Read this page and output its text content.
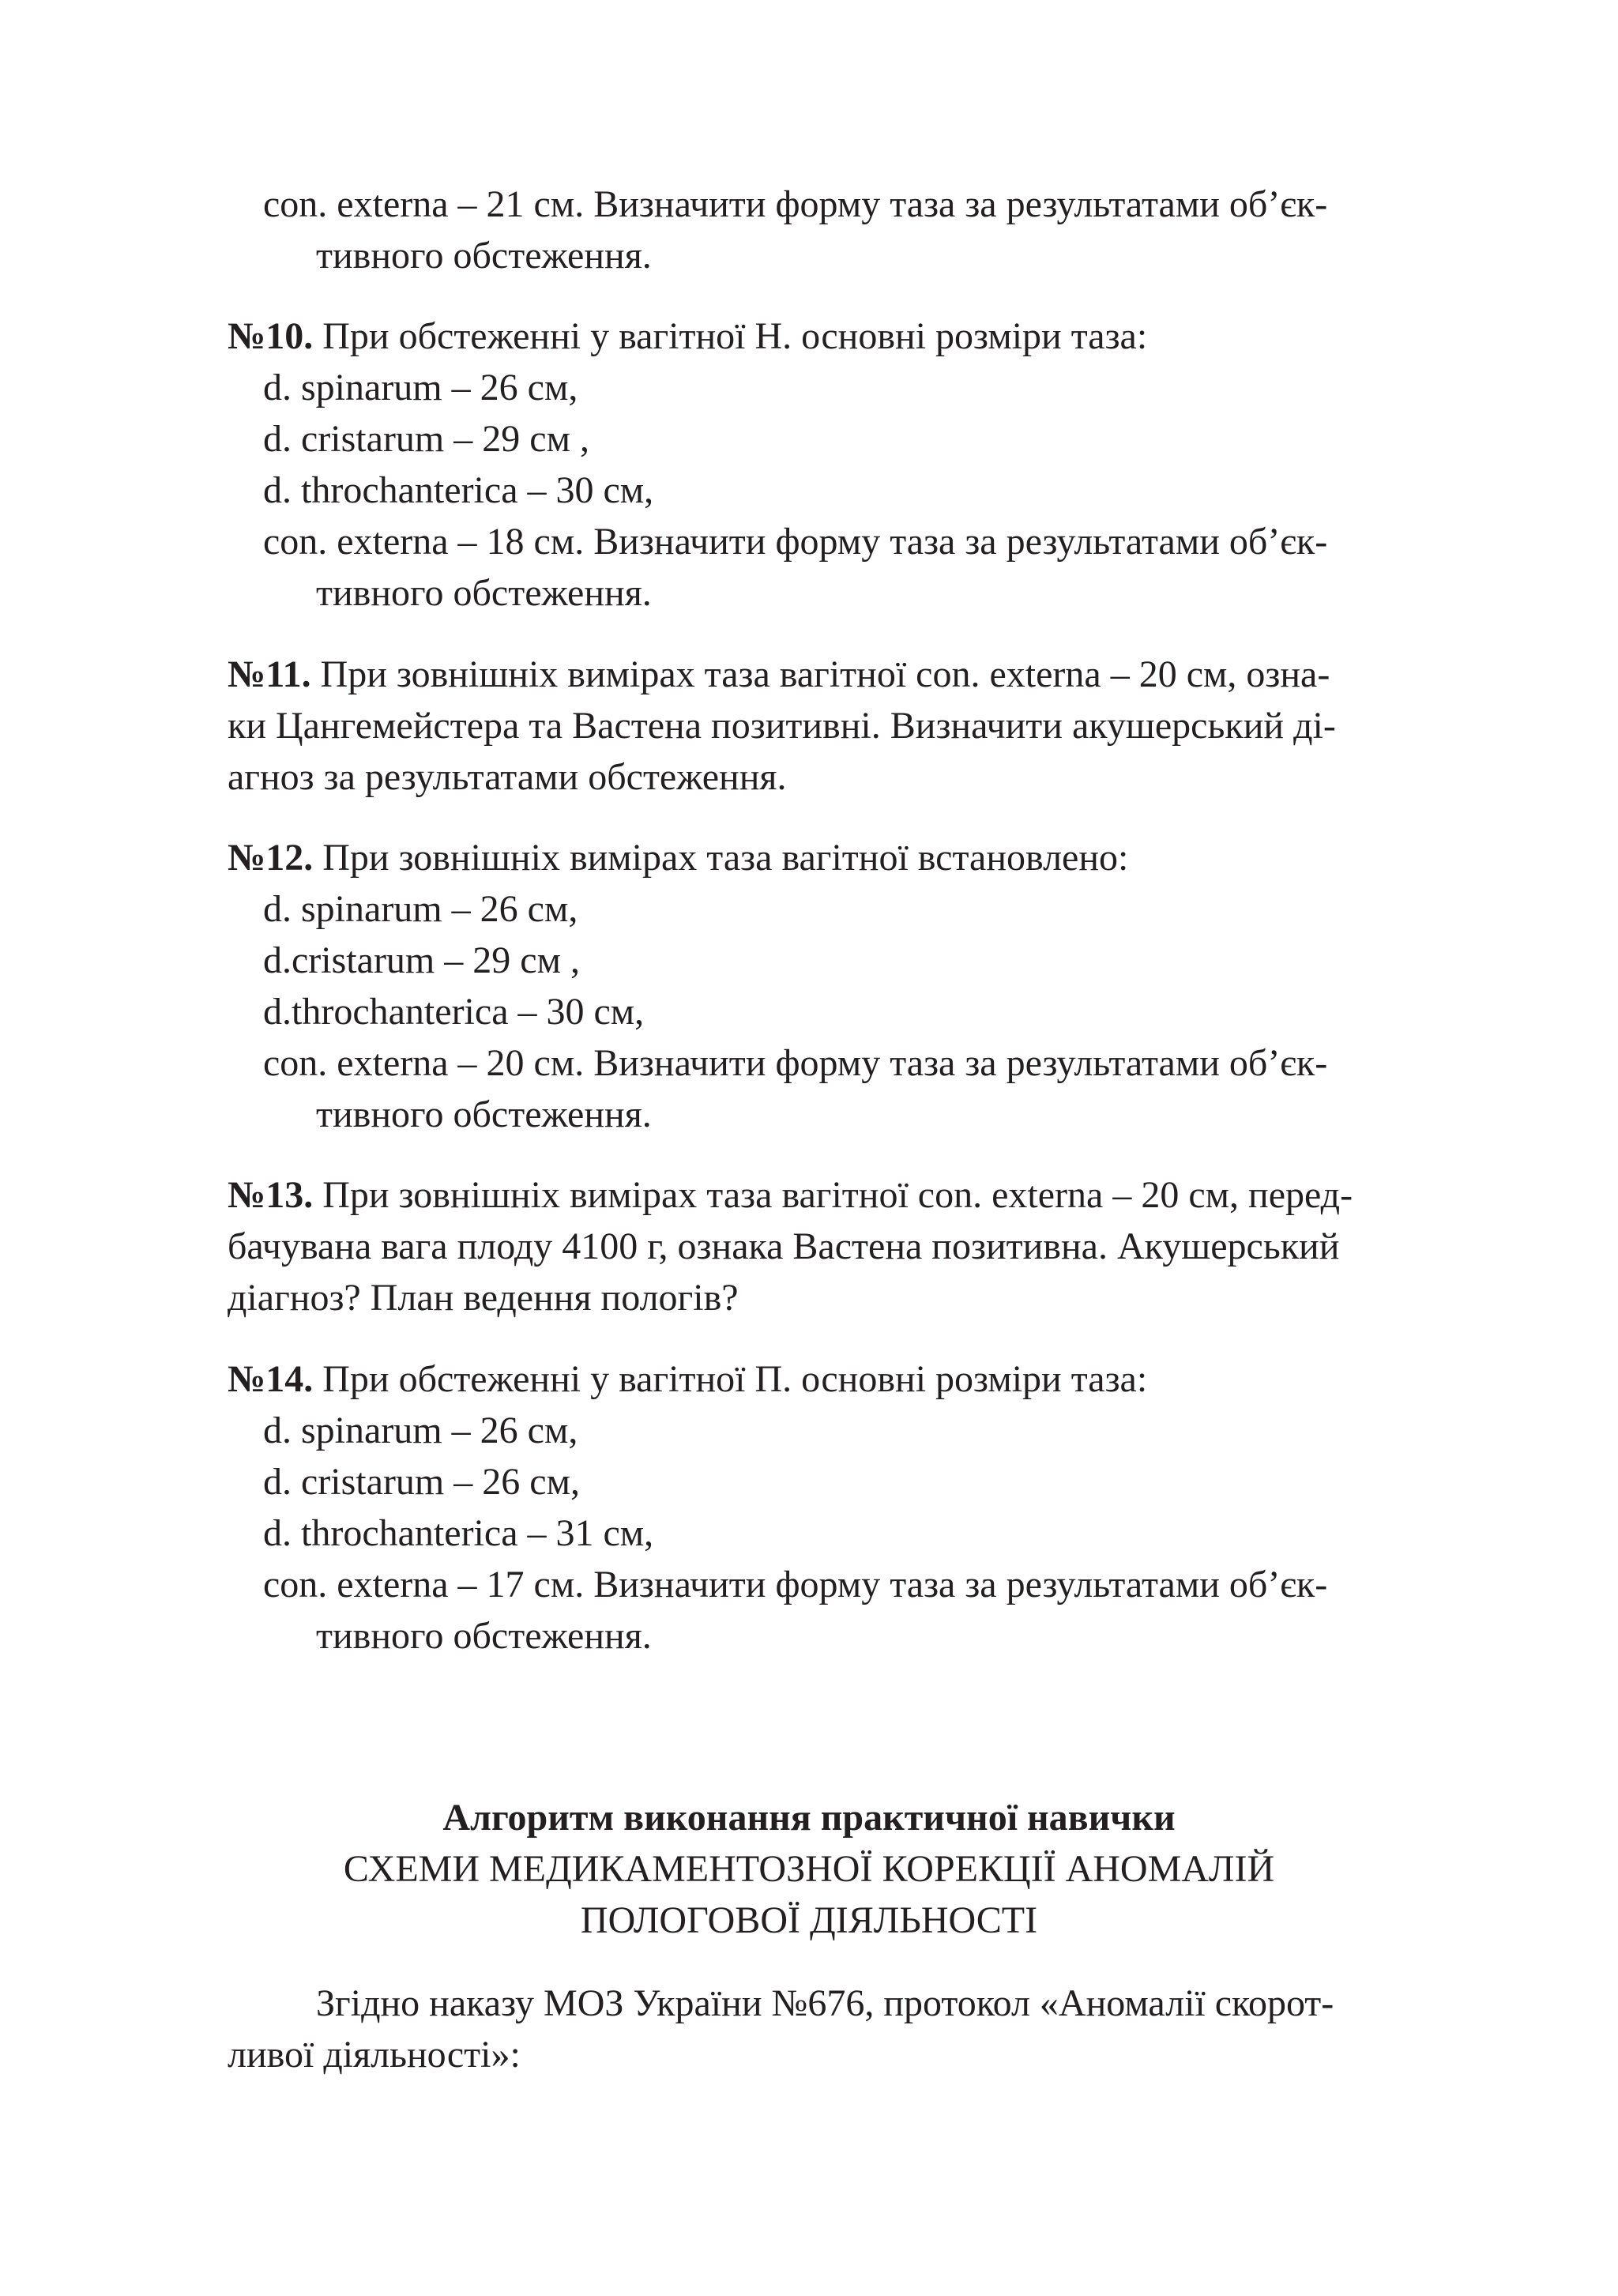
con. externa – 21 см. Визначити форму таза за результатами об’єк-
тивного обстеження.
№10. При обстеженні у вагітної Н. основні розміри таза:
d. spinarum – 26 см,
d. cristarum – 29 см ,
d. throchanterica – 30 см,
con. externa – 18 см. Визначити форму таза за результатами об’єк-
тивного обстеження.
№11. При зовнішніх вимірах таза вагітної con. externa – 20 см, озна-
ки Цангемейстера та Вастена позитивні. Визначити акушерський ді-
агноз за результатами обстеження.
№12. При зовнішніх вимірах таза вагітної встановлено:
d. spinarum – 26 см,
d.cristarum – 29 см ,
d.throchanterica – 30 см,
con. externa – 20 см. Визначити форму таза за результатами об’єк-
тивного обстеження.
№13. При зовнішніх вимірах таза вагітної con. externa – 20 см, перед-
бачувана вага плоду 4100 г, ознака Вастена позитивна. Акушерський
діагноз? План ведення пологів?
№14. При обстеженні у вагітної П. основні розміри таза:
d. spinarum – 26 см,
d. cristarum – 26 см,
d. throchanterica – 31 см,
con. externa – 17 см. Визначити форму таза за результатами об’єк-
тивного обстеження.
Алгоритм виконання практичної навички
СХЕМИ МЕДИКАМЕНТОЗНОЇ КОРЕКЦІЇ АНОМАЛІЙ
ПОЛОГОВОЇ ДІЯЛЬНОСТІ
Згідно наказу МОЗ України №676, протокол «Аномалії скорот-
ливої діяльності»:
